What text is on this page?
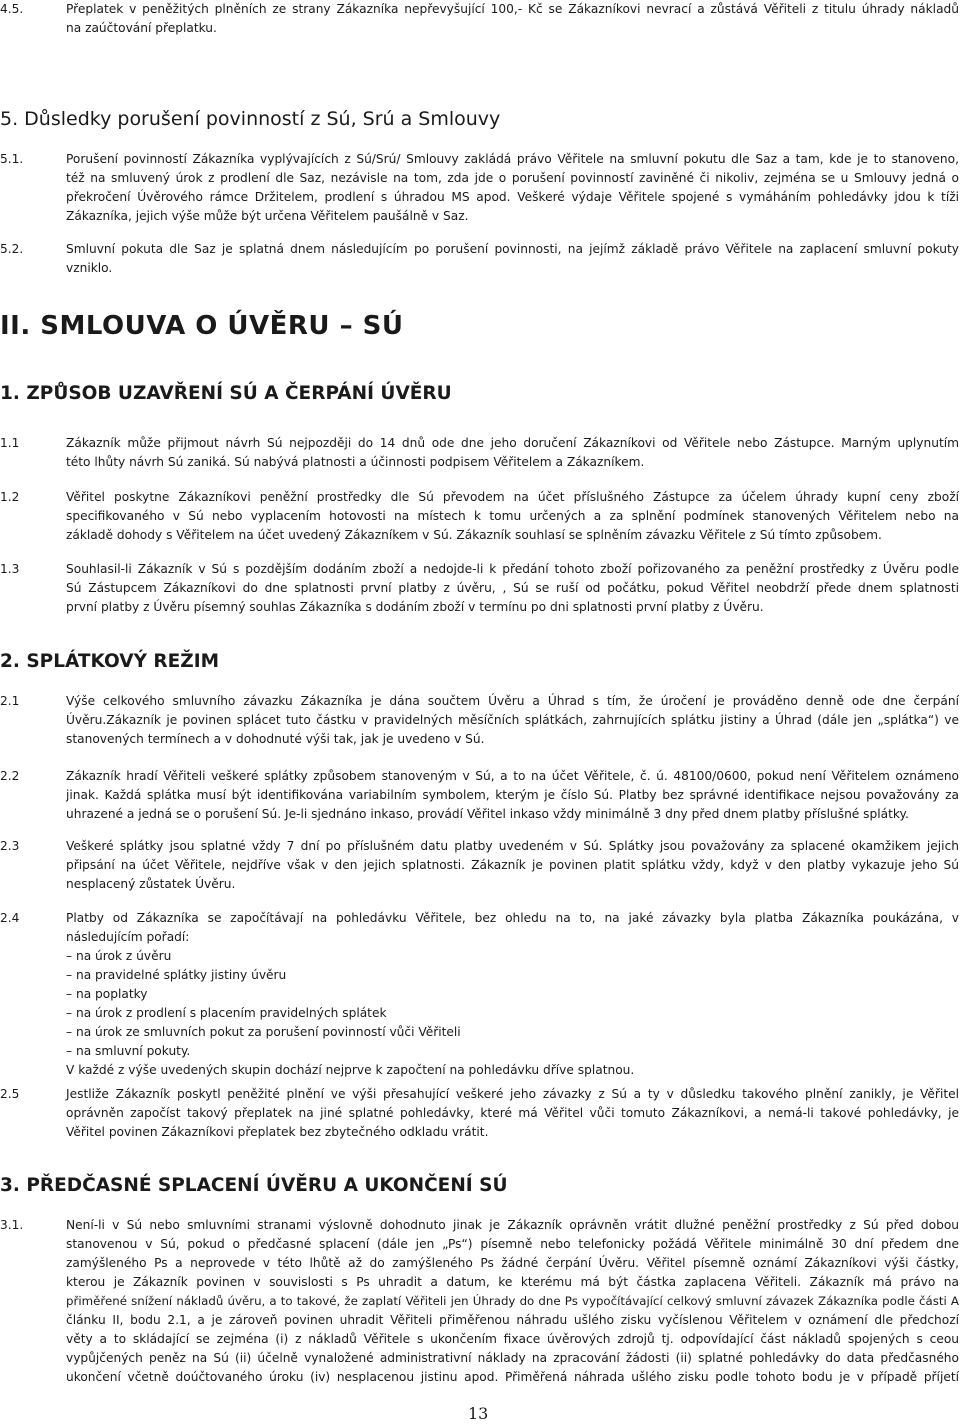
4.5.	Přeplatek v peněžitých plněních ze strany Zákazníka nepřevyšující 100,- Kč se Zákazníkovi nevrací a zůstává Věřiteli z titulu úhrady nákladů
na zaúčtování přeplatku.
5. Důsledky porušení povinností z Sú, Srú a Smlouvy
5.1.	Porušení povinností Zákazníka vyplývajících z Sú/Srú/ Smlouvy zakládá právo Věřitele na smluvní pokutu dle Saz a tam, kde je to stanoveno,
též na smluvený úrok z prodlení dle Saz, nezávisle na tom, zda jde o porušení povinností zaviněné či nikoliv, zejména se u Smlouvy jedná o
překročení Úvěrového rámce Držitelem, prodlení s úhradou MS apod. Veškeré výdaje Věřitele spojené s vymáháním pohledávky jdou k tíži
Zákazníka, jejich výše může být určena Věřitelem paušálně v Saz.
5.2.	Smluvní pokuta dle Saz je splatná dnem následujícím po porušení povinnosti, na jejímž základě právo Věřitele na zaplacení smluvní pokuty
vzniklo.
II. SMLOUVA O ÚVĚRU – SÚ
1. ZPŮSOB UZAVŘENÍ SÚ A ČERPÁNÍ ÚVĚRU
1.1	Zákazník může přijmout návrh Sú nejpozději do 14 dnů ode dne jeho doručení Zákazníkovi od Věřitele nebo Zástupce. Marným uplynutím
této lhůty návrh Sú zaniká. Sú nabývá platnosti a účinnosti podpisem Věřitelem a Zákazníkem.
1.2	Věřitel poskytne Zákazníkovi peněžní prostředky dle Sú převodem na účet příslušného Zástupce za účelem úhrady kupní ceny zboží
specifikovaného v Sú nebo vyplacením hotovosti na místech k tomu určených a za splnění podmínek stanovených Věřitelem nebo na
základě dohody s Věřitelem na účet uvedený Zákazníkem v Sú. Zákazník souhlasí se splněním závazku Věřitele z Sú tímto způsobem.
1.3	Souhlasil-li Zákazník v Sú s pozdějším dodáním zboží a nedojde-li k předání tohoto zboží pořizovaného za peněžní prostředky z Úvěru podle
Sú Zástupcem Zákazníkovi do dne splatnosti první platby z úvěru, , Sú se ruší od počátku, pokud Věřitel neobdrží přede dnem splatnosti
první platby z Úvěru písemný souhlas Zákazníka s dodáním zboží v termínu po dni splatnosti první platby z Úvěru.
2. SPLÁTKOVÝ REŽIM
2.1	Výše celkového smluvního závazku Zákazníka je dána součtem Úvěru a Úhrad s tím, že úročení je prováděno denně ode dne čerpání
Úvěru.Zákazník je povinen splácet tuto částku v pravidelných měsíčních splátkách, zahrnujících splátku jistiny a Úhrad (dále jen „splátka“) ve
stanovených termínech a v dohodnuté výši tak, jak je uvedeno v Sú.
2.2	Zákazník hradí Věřiteli veškeré splátky způsobem stanoveným v Sú, a to na účet Věřitele, č. ú. 48100/0600, pokud není Věřitelem oznámeno
jinak. Každá splátka musí být identifikována variabilním symbolem, kterým je číslo Sú. Platby bez správné identifikace nejsou považovány za
uhrazené a jedná se o porušení Sú. Je-li sjednáno inkaso, provádí Věřitel inkaso vždy minimálně 3 dny před dnem platby příslušné splátky.
2.3	Veškeré splátky jsou splatné vždy 7 dní po příslušném datu platby uvedeném v Sú. Splátky jsou považovány za splacené okamžikem jejich
připsání na účet Věřitele, nejdříve však v den jejich splatnosti. Zákazník je povinen platit splátku vždy, když v den platby vykazuje jeho Sú
nesplacený zůstatek Úvěru.
2.4	Platby od Zákazníka se započítávají na pohledávku Věřitele, bez ohledu na to, na jaké závazky byla platba Zákazníka poukázána, v
následujícím pořadí:
– na úrok z úvěru
– na pravidelné splátky jistiny úvěru
– na poplatky
– na úrok z prodlení s placením pravidelných splátek
– na úrok ze smluvních pokut za porušení povinností vůči Věřiteli
– na smluvní pokuty.
V každé z výše uvedených skupin dochází nejprve k započtení na pohledávku dříve splatnou.
2.5	Jestliže Zákazník poskytl peněžité plnění ve výši přesahující veškeré jeho závazky z Sú a ty v důsledku takového plnění zanikly, je Věřitel
oprávněn započíst takový přeplatek na jiné splatné pohledávky, které má Věřitel vůči tomuto Zákazníkovi, a nemá-li takové pohledávky, je
Věřitel povinen Zákazníkovi přeplatek bez zbytečného odkladu vrátit.
3. PŘEDČASNÉ SPLACENÍ ÚVĚRU A UKONČENÍ SÚ
3.1.	Není-li v Sú nebo smluvními stranami výslovně dohodnuto jinak je Zákazník oprávněn vrátit dlužné peněžní prostředky z Sú před dobou
stanovenou v Sú, pokud o předčasné splacení (dále jen „Ps“) písemně nebo telefonicky požádá Věřitele minimálně 30 dní předem dne
zamýšleného Ps a neprovede v této lhůtě až do zamýšleného Ps žádné čerpání Úvěru. Věřitel písemně oznámí Zákazníkovi výši částky,
kterou je Zákazník povinen v souvislosti s Ps uhradit a datum, ke kterému má být částka zaplacena Věřiteli. Zákazník má právo na
přiměřené snížení nákladů úvěru, a to takové, že zaplatí Věřiteli jen Úhrady do dne Ps vypočítávající celkový smluvní závazek Zákazníka podle části A
článku II, bodu 2.1, a je zároveň povinen uhradit Věřiteli přiměřenou náhradu ušlého zisku vyčíslenou Věřitelem v oznámení dle předchozí
věty a to skládající se zejména (i) z nákladů Věřitele s ukončením fixace úvěrových zdrojů tj. odpovídající část nákladů spojených s ceou
vypůjčených peněz na Sú (ii) účelně vynaložené administrativní náklady na zpracování žádosti (ii) splatné pohledávky do data předčasného
ukončení včetně doúčtovaného úroku (iv) nesplacenou jistinu apod. Přiměřená náhrada ušlého zisku podle tohoto bodu je v případě příjetí
13
